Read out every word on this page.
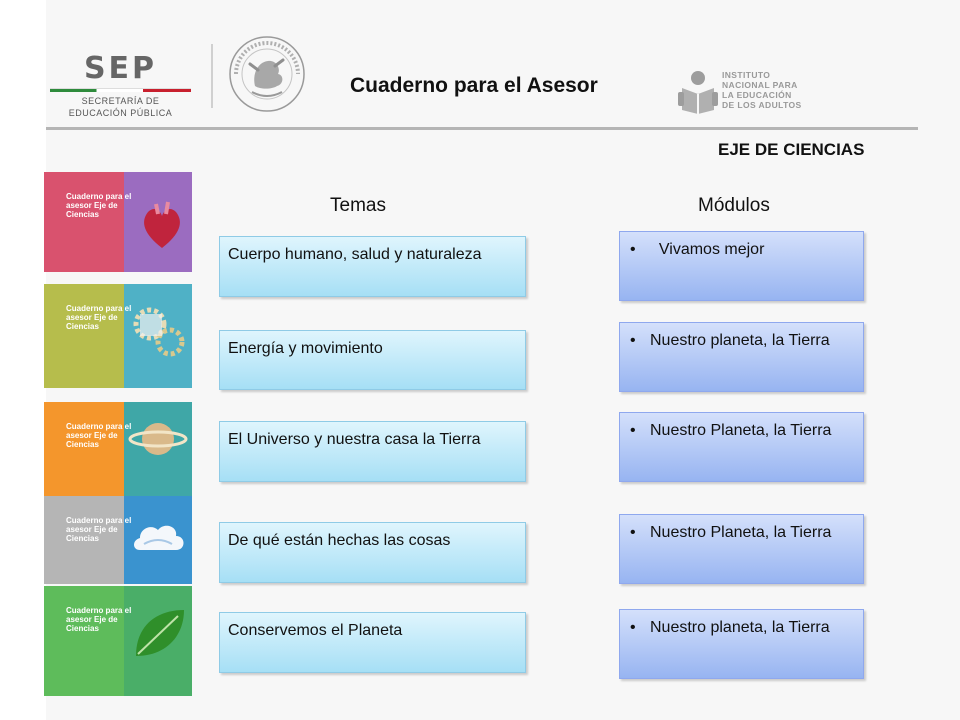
SEP
SECRETARÍA DE
EDUCACIÓN PÚBLICA
Cuaderno para el Asesor	INSTITUTO
NACIONAL PARA
LA EDUCACIÓN
DE LOS ADULTOS
EJE DE CIENCIAS
Temas	Módulos
Cuaderno para el asesor Eje de Ciencias
Cuaderno para el asesor Eje de Ciencias
Cuaderno para el asesor Eje de Ciencias
Cuaderno para el asesor Eje de Ciencias
Cuaderno para el asesor Eje de Ciencias
Cuerpo humano, salud y naturaleza
Energía y movimiento
El Universo y nuestra casa la Tierra
De qué están hechas las cosas
Conservemos el Planeta
• Vivamos mejor
• Nuestro planeta, la Tierra
• Nuestro Planeta, la Tierra
• Nuestro Planeta, la Tierra
• Nuestro planeta, la Tierra
